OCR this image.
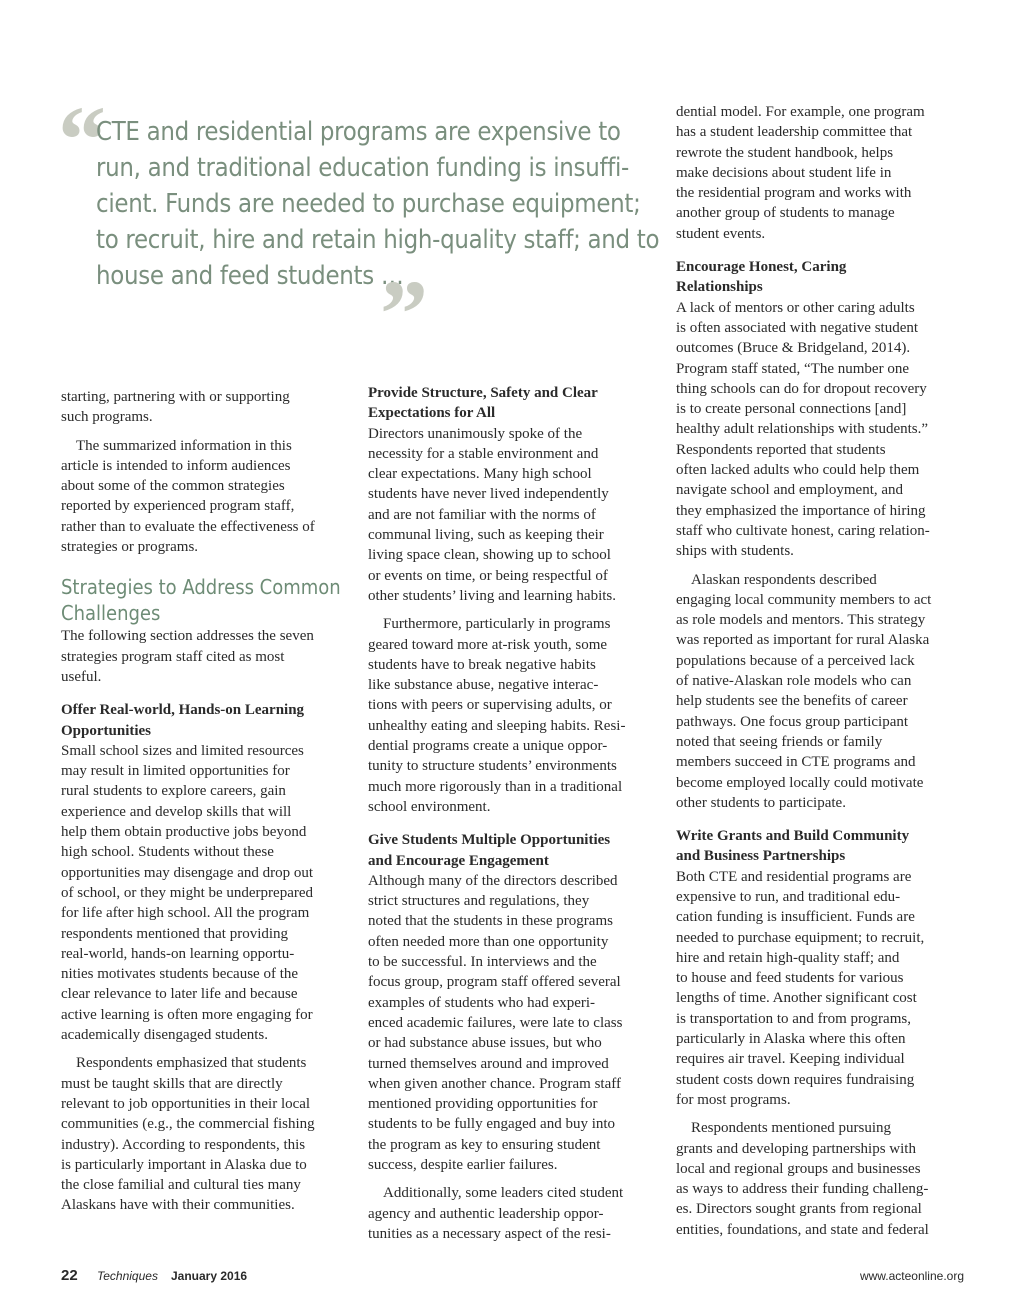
“

CTE and residential programs are expensive to

run, and traditional education funding is insuffi-

cient. Funds are needed to purchase equipment;

to recruit, hire and retain high-quality staff; and to

house and feed students …

”

starting, partnering with or supporting

such programs.

The summarized information in this

article is intended to inform audiences

about some of the common strategies

reported by experienced program staff,

rather than to evaluate the effectiveness of

strategies or programs.

Strategies to Address Common

Challenges

The following section addresses the seven

strategies program staff cited as most

useful.

Offer Real-world, Hands-on Learning

Opportunities

Small school sizes and limited resources

may result in limited opportunities for

rural students to explore careers, gain

experience and develop skills that will

help them obtain productive jobs beyond

high school. Students without these

opportunities may disengage and drop out

of school, or they might be underprepared

for life after high school. All the program

respondents mentioned that providing

real-world, hands-on learning opportu-

nities motivates students because of the

clear relevance to later life and because

active learning is often more engaging for

academically disengaged students.

Respondents emphasized that students

must be taught skills that are directly

relevant to job opportunities in their local

communities (e.g., the commercial fishing

industry). According to respondents, this

is particularly important in Alaska due to

the close familial and cultural ties many

Alaskans have with their communities.

Provide Structure, Safety and Clear

Expectations for All

Directors unanimously spoke of the

necessity for a stable environment and

clear expectations. Many high school

students have never lived independently

and are not familiar with the norms of

communal living, such as keeping their

living space clean, showing up to school

or events on time, or being respectful of

other students’ living and learning habits.

Furthermore, particularly in programs

geared toward more at-risk youth, some

students have to break negative habits

like substance abuse, negative interac-

tions with peers or supervising adults, or

unhealthy eating and sleeping habits. Resi-

dential programs create a unique oppor-

tunity to structure students’ environments

much more rigorously than in a traditional

school environment.

Give Students Multiple Opportunities

and Encourage Engagement

Although many of the directors described

strict structures and regulations, they

noted that the students in these programs

often needed more than one opportunity

to be successful. In interviews and the

focus group, program staff offered several

examples of students who had experi-

enced academic failures, were late to class

or had substance abuse issues, but who

turned themselves around and improved

when given another chance. Program staff

mentioned providing opportunities for

students to be fully engaged and buy into

the program as key to ensuring student

success, despite earlier failures.

Additionally, some leaders cited student

agency and authentic leadership oppor-

tunities as a necessary aspect of the resi-

dential model. For example, one program

has a student leadership committee that

rewrote the student handbook, helps

make decisions about student life in

the residential program and works with

another group of students to manage

student events.

Encourage Honest, Caring

Relationships

A lack of mentors or other caring adults

is often associated with negative student

outcomes (Bruce & Bridgeland, 2014).

Program staff stated, “The number one

thing schools can do for dropout recovery

is to create personal connections [and]

healthy adult relationships with students.”

Respondents reported that students

often lacked adults who could help them

navigate school and employment, and

they emphasized the importance of hiring

staff who cultivate honest, caring relation-

ships with students.

Alaskan respondents described

engaging local community members to act

as role models and mentors. This strategy

was reported as important for rural Alaska

populations because of a perceived lack

of native-Alaskan role models who can

help students see the benefits of career

pathways. One focus group participant

noted that seeing friends or family

members succeed in CTE programs and

become employed locally could motivate

other students to participate.

Write Grants and Build Community

and Business Partnerships

Both CTE and residential programs are

expensive to run, and traditional edu-

cation funding is insufficient. Funds are

needed to purchase equipment; to recruit,

hire and retain high-quality staff; and

to house and feed students for various

lengths of time. Another significant cost

is transportation to and from programs,

particularly in Alaska where this often

requires air travel. Keeping individual

student costs down requires fundraising

for most programs.

Respondents mentioned pursuing

grants and developing partnerships with

local and regional groups and businesses

as ways to address their funding challeng-

es. Directors sought grants from regional

entities, foundations, and state and federal

22 Techniques January 2016	www.acteonline.org
